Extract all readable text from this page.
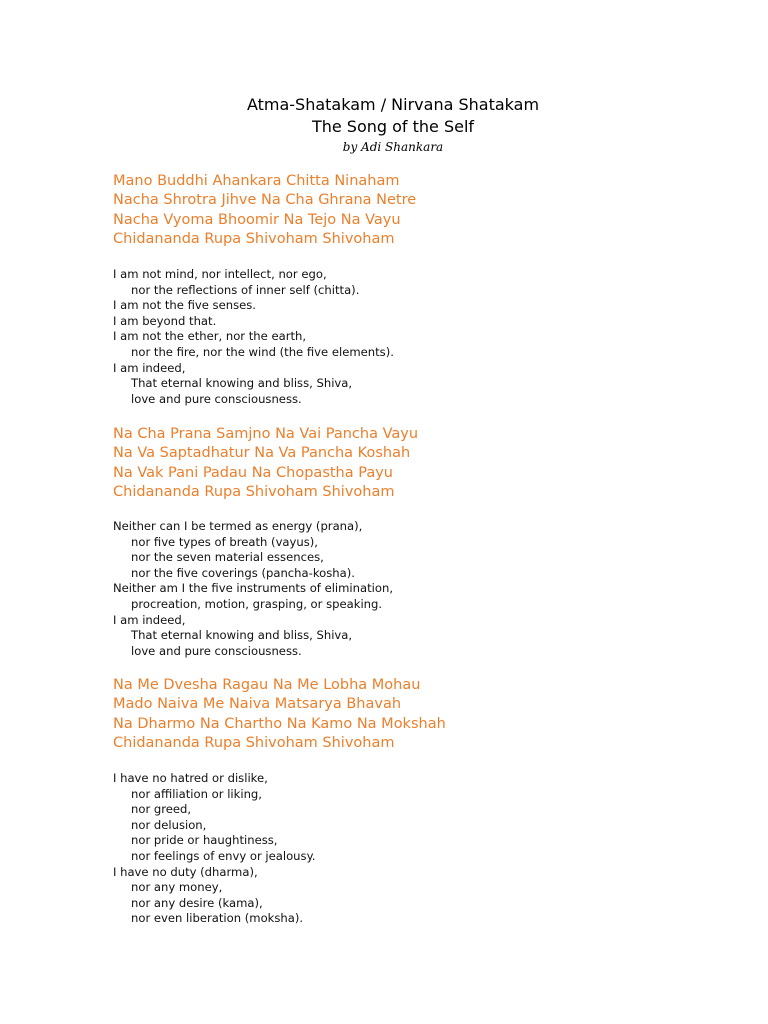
Atma-Shatakam / Nirvana Shatakam
The Song of the Self
by Adi Shankara
Mano Buddhi Ahankara Chitta Ninaham
Nacha Shrotra Jihve Na Cha Ghrana Netre
Nacha Vyoma Bhoomir Na Tejo Na Vayu
Chidananda Rupa Shivoham Shivoham
I am not mind, nor intellect, nor ego,
nor the reflections of inner self (chitta).
I am not the five senses.
I am beyond that.
I am not the ether, nor the earth,
nor the fire, nor the wind (the five elements).
I am indeed,
That eternal knowing and bliss, Shiva,
love and pure consciousness.
Na Cha Prana Samjno Na Vai Pancha Vayu
Na Va Saptadhatur Na Va Pancha Koshah
Na Vak Pani Padau Na Chopastha Payu
Chidananda Rupa Shivoham Shivoham
Neither can I be termed as energy (prana),
nor five types of breath (vayus),
nor the seven material essences,
nor the five coverings (pancha-kosha).
Neither am I the five instruments of elimination,
procreation, motion, grasping, or speaking.
I am indeed,
That eternal knowing and bliss, Shiva,
love and pure consciousness.
Na Me Dvesha Ragau Na Me Lobha Mohau
Mado Naiva Me Naiva Matsarya Bhavah
Na Dharmo Na Chartho Na Kamo Na Mokshah
Chidananda Rupa Shivoham Shivoham
I have no hatred or dislike,
nor affiliation or liking,
nor greed,
nor delusion,
nor pride or haughtiness,
nor feelings of envy or jealousy.
I have no duty (dharma),
nor any money,
nor any desire (kama),
nor even liberation (moksha).
